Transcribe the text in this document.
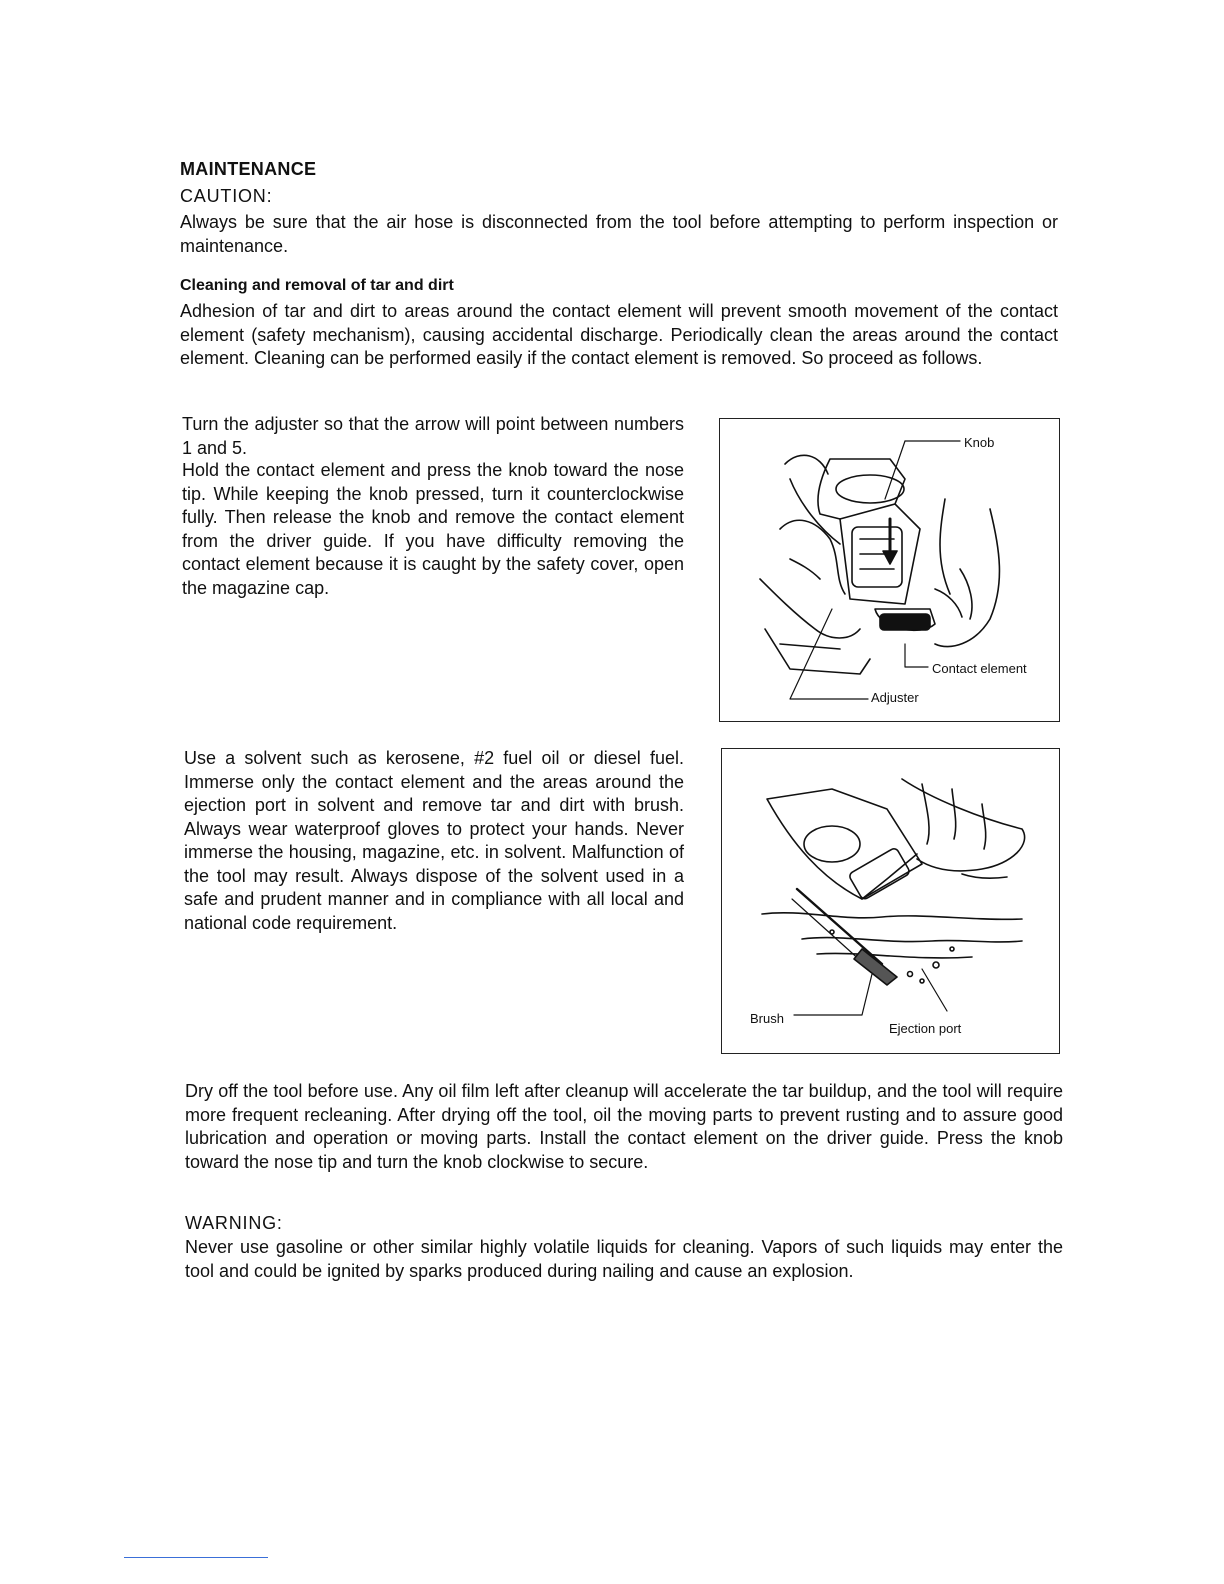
MAINTENANCE
CAUTION:

Always be sure that the air hose is disconnected from the tool before attempting to perform inspection or maintenance.

Cleaning and removal of tar and dirt

Adhesion of tar and dirt to areas around the contact element will prevent smooth movement of the contact element (safety mechanism), causing accidental discharge. Periodically clean the areas around the contact element. Cleaning can be performed easily if the contact element is removed. So proceed as follows.

Turn the adjuster so that the arrow will point between numbers 1 and 5.

Hold the contact element and press the knob toward the nose tip. While keeping the knob pressed, turn it counterclockwise fully. Then release the knob and remove the contact element from the driver guide. If you have difficulty removing the contact element because it is caught by the safety cover, open the magazine cap.

Knob
Contact element
Adjuster

Use a solvent such as kerosene, #2 fuel oil or diesel fuel. Immerse only the contact element and the areas around the ejection port in solvent and remove tar and dirt with brush. Always wear waterproof gloves to protect your hands. Never immerse the housing, magazine, etc. in solvent. Malfunction of the tool may result. Always dispose of the solvent used in a safe and prudent manner and in compliance with all local and national code requirement.

Brush
Ejection port

Dry off the tool before use. Any oil film left after cleanup will accelerate the tar buildup, and the tool will require more frequent recleaning. After drying off the tool, oil the moving parts to prevent rusting and to assure good lubrication and operation or moving parts. Install the contact element on the driver guide. Press the knob toward the nose tip and turn the knob clockwise to secure.

WARNING:

Never use gasoline or other similar highly volatile liquids for cleaning. Vapors of such liquids may enter the tool and could be ignited by sparks produced during nailing and cause an explosion.
